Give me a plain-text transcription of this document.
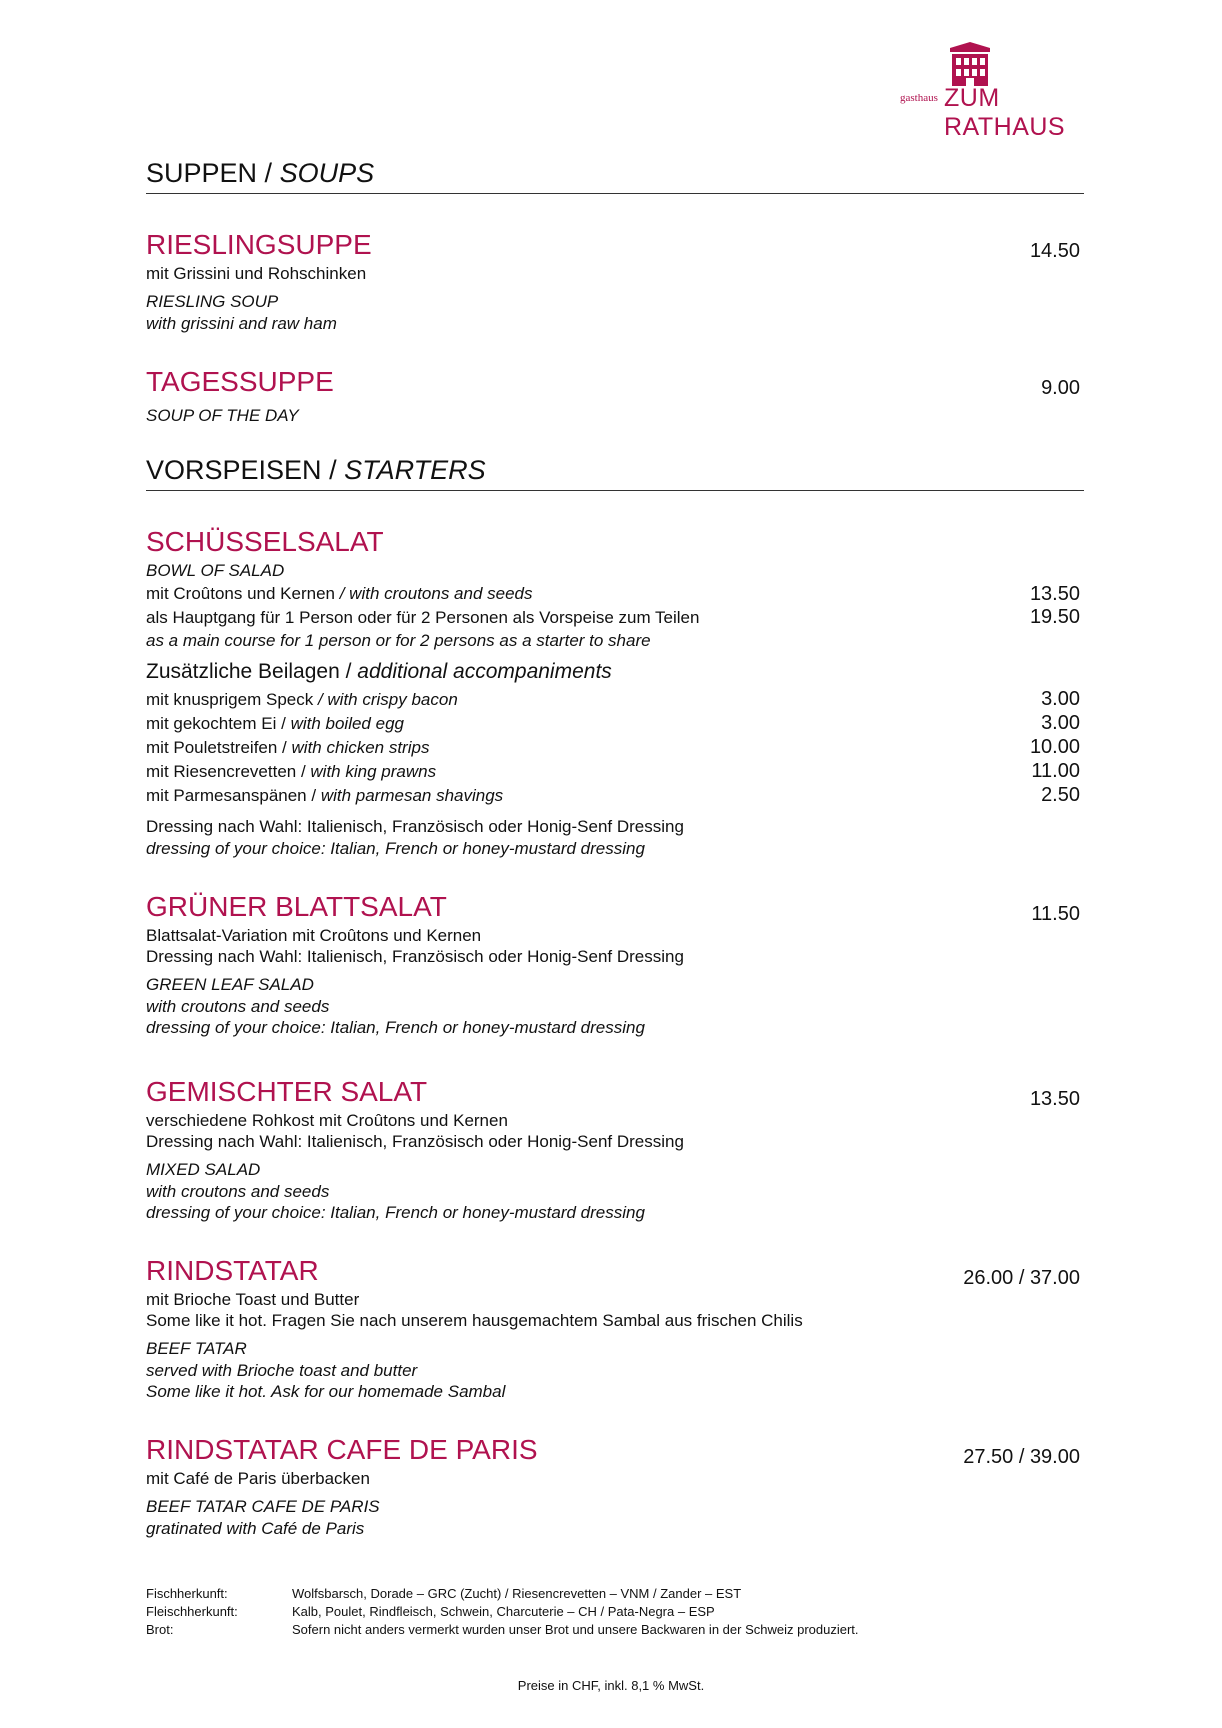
gasthaus ZUM RATHAUS
SUPPEN / SOUPS
RIESLINGSUPPE	14.50
mit Grissini und Rohschinken
RIESLING SOUP
with grissini and raw ham
TAGESSUPPE	9.00
SOUP OF THE DAY
VORSPEISEN / STARTERS
SCHÜSSELSALAT
BOWL OF SALAD
mit Croûtons und Kernen / with croutons and seeds	13.50
als Hauptgang für 1 Person oder für 2 Personen als Vorspeise zum Teilen	19.50
as a main course for 1 person or for 2 persons as a starter to share
Zusätzliche Beilagen / additional accompaniments
mit knusprigem Speck / with crispy bacon	3.00
mit gekochtem Ei / with boiled egg	3.00
mit Pouletstreifen / with chicken strips	10.00
mit Riesencrevetten / with king prawns	11.00
mit Parmesanspänen / with parmesan shavings	2.50
Dressing nach Wahl: Italienisch, Französisch oder Honig-Senf Dressing
dressing of your choice: Italian, French or honey-mustard dressing
GRÜNER BLATTSALAT	11.50
Blattsalat-Variation mit Croûtons und Kernen
Dressing nach Wahl: Italienisch, Französisch oder Honig-Senf Dressing
GREEN LEAF SALAD
with croutons and seeds
dressing of your choice: Italian, French or honey-mustard dressing
GEMISCHTER SALAT	13.50
verschiedene Rohkost mit Croûtons und Kernen
Dressing nach Wahl: Italienisch, Französisch oder Honig-Senf Dressing
MIXED SALAD
with croutons and seeds
dressing of your choice: Italian, French or honey-mustard dressing
RINDSTATAR	26.00 / 37.00
mit Brioche Toast und Butter
Some like it hot. Fragen Sie nach unserem hausgemachtem Sambal aus frischen Chilis
BEEF TATAR
served with Brioche toast and butter
Some like it hot. Ask for our homemade Sambal
RINDSTATAR CAFE DE PARIS	27.50 / 39.00
mit Café de Paris überbacken
BEEF TATAR CAFE DE PARIS
gratinated with Café de Paris
Fischherkunft:	Wolfsbarsch, Dorade – GRC (Zucht) / Riesencrevetten – VNM / Zander – EST
Fleischherkunft:	Kalb, Poulet, Rindfleisch, Schwein, Charcuterie – CH / Pata-Negra – ESP
Brot:	Sofern nicht anders vermerkt wurden unser Brot und unsere Backwaren in der Schweiz produziert.
Preise in CHF, inkl. 8,1 % MwSt.
